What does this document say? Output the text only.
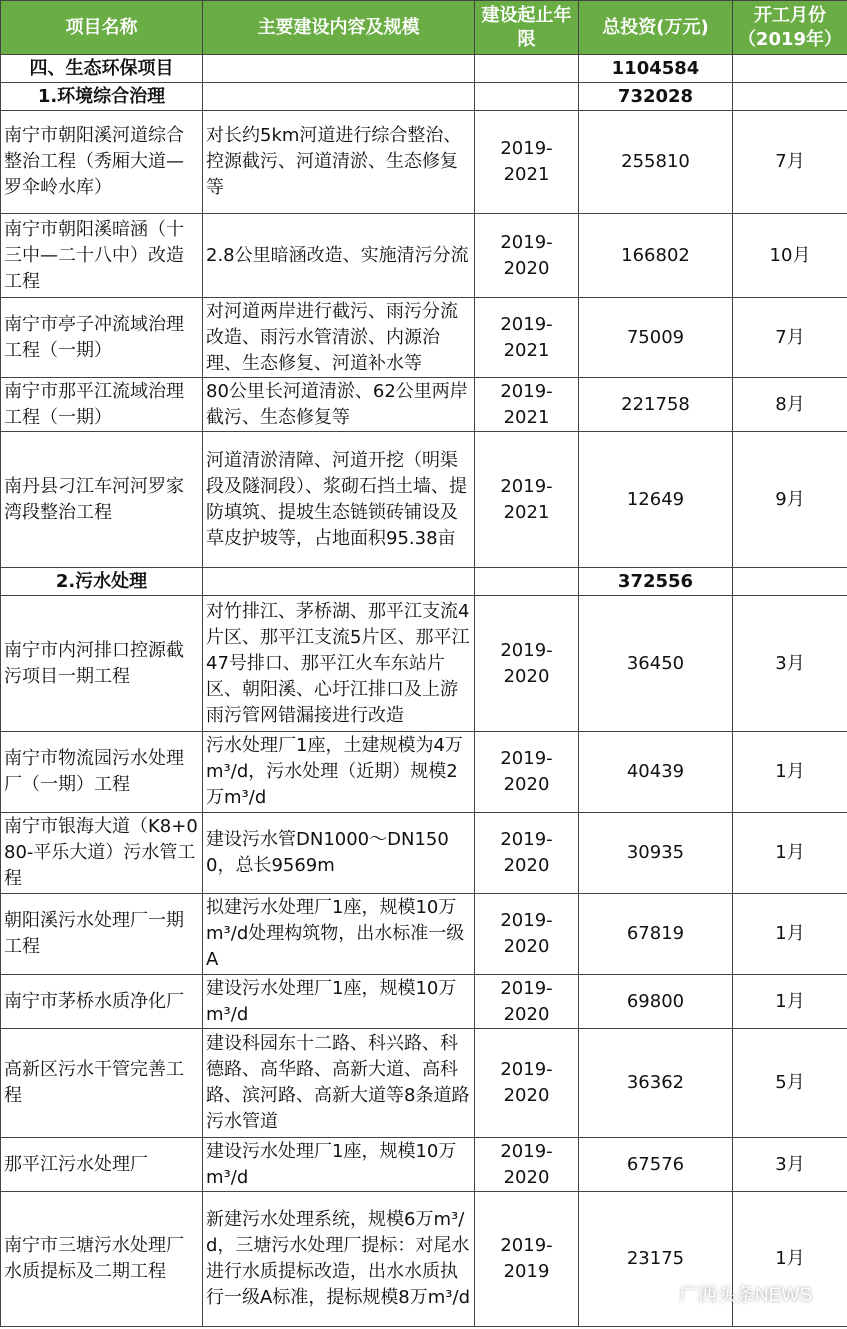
项目名称	主要建设内容及规模	建设起止年限	总投资(万元)	开工月份（2019年）
四、生态环保项目			1104584	
1.环境综合治理			732028	
南宁市朝阳溪河道综合整治工程（秀厢大道—罗伞岭水库）	对长约5km河道进行综合整治、控源截污、河道清淤、生态修复等	2019-2021	255810	7月
南宁市朝阳溪暗涵（十三中—二十八中）改造工程	2.8公里暗涵改造、实施清污分流	2019-2020	166802	10月
南宁市亭子冲流域治理工程（一期）	对河道两岸进行截污、雨污分流改造、雨污水管清淤、内源治理、生态修复、河道补水等	2019-2021	75009	7月
南宁市那平江流域治理工程（一期）	80公里长河道清淤、62公里两岸截污、生态修复等	2019-2021	221758	8月
南丹县刁江车河河罗家湾段整治工程	河道清淤清障、河道开挖（明渠段及隧洞段）、浆砌石挡土墙、提防填筑、提坡生态链锁砖铺设及草皮护坡等，占地面积95.38亩	2019-2021	12649	9月
2.污水处理			372556	
南宁市内河排口控源截污项目一期工程	对竹排江、茅桥湖、那平江支流4片区、那平江支流5片区、那平江47号排口、那平江火车东站片区、朝阳溪、心圩江排口及上游雨污管网错漏接进行改造	2019-2020	36450	3月
南宁市物流园污水处理厂（一期）工程	污水处理厂1座，土建规模为4万m³/d，污水处理（近期）规模2万m³/d	2019-2020	40439	1月
南宁市银海大道（K8+080-平乐大道）污水管工程	建设污水管DN1000～DN1500，总长9569m	2019-2020	30935	1月
朝阳溪污水处理厂一期工程	拟建污水处理厂1座，规模10万m³/d处理构筑物，出水标准一级A	2019-2020	67819	1月
南宁市茅桥水质净化厂	建设污水处理厂1座，规模10万m³/d	2019-2020	69800	1月
高新区污水干管完善工程	建设科园东十二路、科兴路、科德路、高华路、高新大道、高科路、滨河路、高新大道等8条道路污水管道	2019-2020	36362	5月
那平江污水处理厂	建设污水处理厂1座，规模10万m³/d	2019-2020	67576	3月
南宁市三塘污水处理厂水质提标及二期工程	新建污水处理系统，规模6万m³/d，三塘污水处理厂提标：对尾水进行水质提标改造，出水水质执行一级A标准，提标规模8万m³/d	2019-2019	23175	1月
广西头条NEWS
